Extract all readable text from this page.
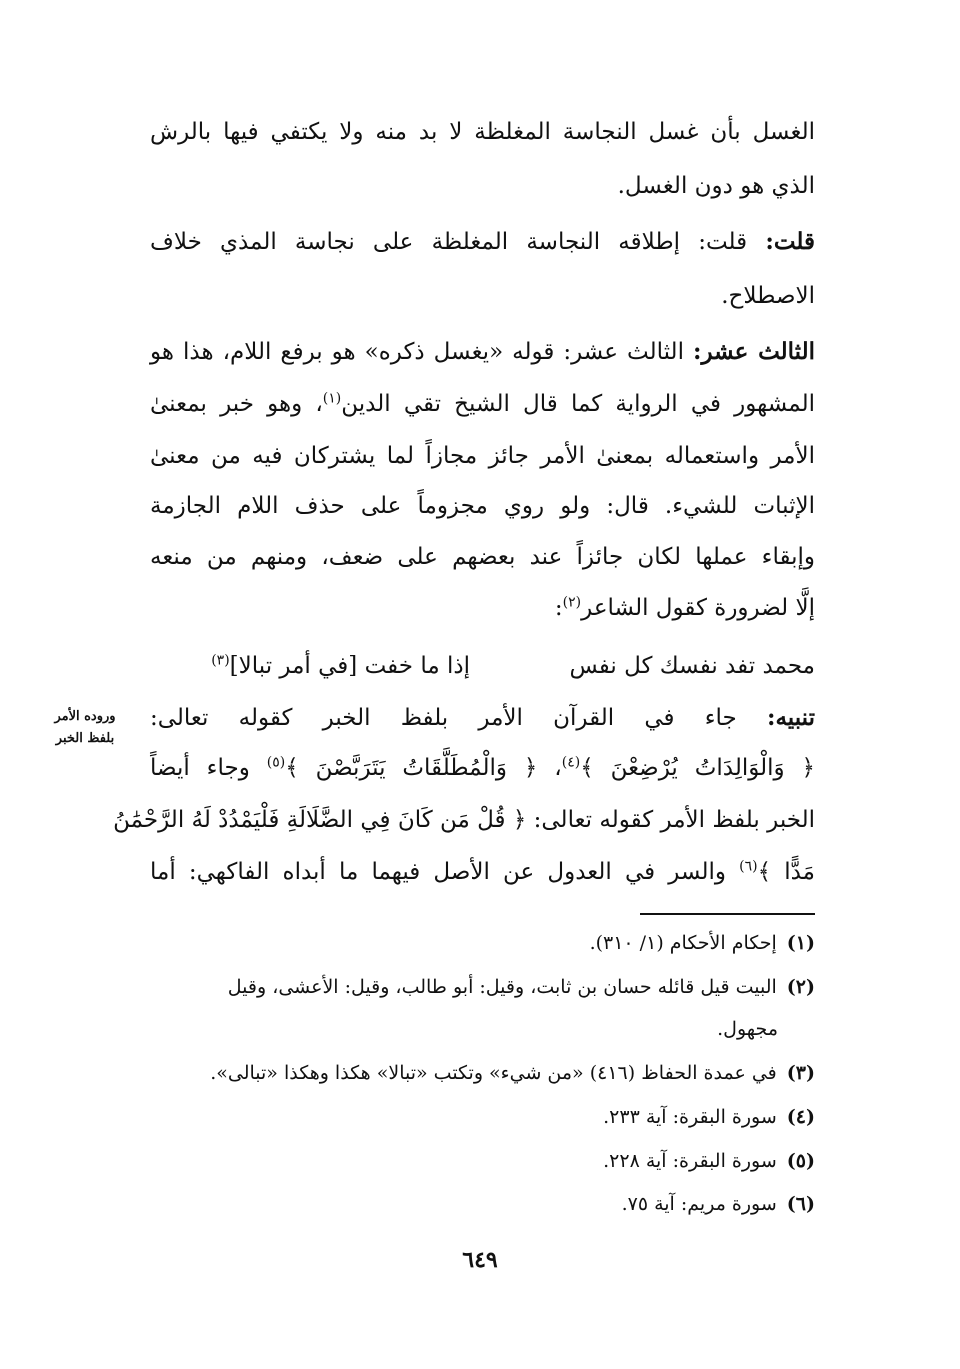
الغسل بأن غسل النجاسة المغلظة لا بد منه ولا يكتفي فيها بالرش
الذي هو دون الغسل.
قلت: قلت: إطلاقه النجاسة المغلظة على نجاسة المذي خلاف
الاصطلاح.
الثالث عشر: الثالث عشر: قوله «يغسل ذكره» هو برفع اللام، هذا هو
المشهور في الرواية كما قال الشيخ تقي الدين$^{(١)}$، وهو خبر بمعنىٰ
الأمر واستعماله بمعنىٰ الأمر جائز مجازاً لما يشتركان فيه من معنىٰ
الإثبات للشيء. قال: ولو روي مجزوماً على حذف اللام الجازمة
وإبقاء عملها لكان جائزاً عند بعضهم على ضعف، ومنهم من منعه
إلَّا لضرورة كقول الشاعر$^{(٢)}$:
محمد تفد نفسك كل نفس
إذا ما خفت [في أمر تبالا]$^{(٣)}$
وروده الأمر
بلفظ الخبر
تنبيه: جاء في القرآن الأمر بلفظ الخبر كقوله تعالى:
﴿ وَالْوَالِدَاتُ يُرْضِعْنَ ﴾$^{(٤)}$، ﴿ وَالْمُطَلَّقَاتُ يَتَرَبَّصْنَ ﴾$^{(٥)}$ وجاء أيضاً
الخبر بلفظ الأمر كقوله تعالى: ﴿ قُلْ مَن كَانَ فِي الضَّلَالَةِ فَلْيَمْدُدْ لَهُ الرَّحْمَٰنُ
مَدًّا ﴾$^{(٦)}$ والسر في العدول عن الأصل فيهما ما أبداه الفاكهي: أما
(١)إحكام الأحكام (١/ ٣١٠).
(٢)البيت قيل قائله حسان بن ثابت، وقيل: أبو طالب، وقيل: الأعشى، وقيل
مجهول.
(٣)في عمدة الحفاظ (٤١٦) «من شيء» وتكتب «تبالا» هكذا وهكذا «تبالى».
(٤)سورة البقرة: آية ٢٣٣.
(٥)سورة البقرة: آية ٢٢٨.
(٦)سورة مريم: آية ٧٥.
٦٤٩
